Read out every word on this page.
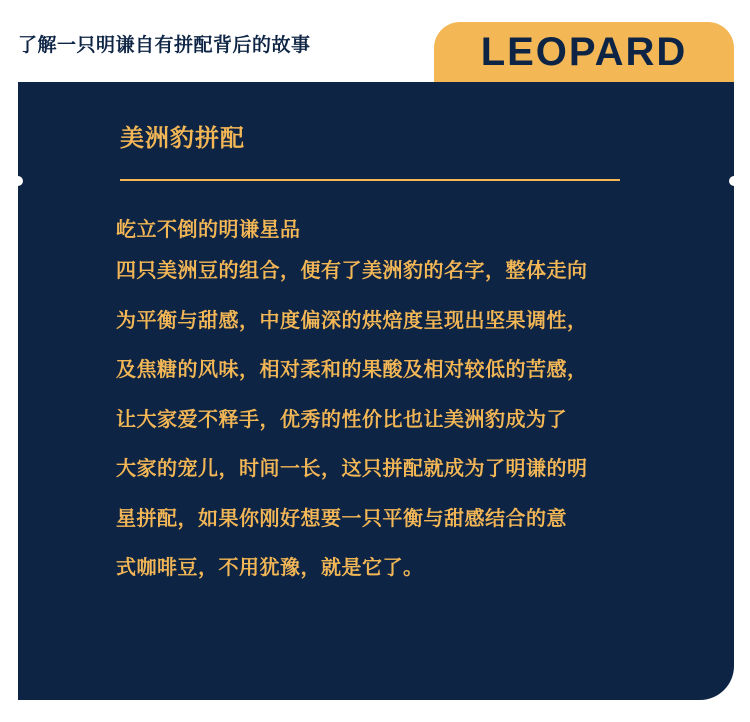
了解一只明谦自有拼配背后的故事	LEOPARD
美洲豹拼配
屹立不倒的明谦星品
四只美洲豆的组合，便有了美洲豹的名字，整体走向
为平衡与甜感，中度偏深的烘焙度呈现出坚果调性，
及焦糖的风味，相对柔和的果酸及相对较低的苦感，
让大家爱不释手，优秀的性价比也让美洲豹成为了
大家的宠儿，时间一长，这只拼配就成为了明谦的明
星拼配，如果你刚好想要一只平衡与甜感结合的意
式咖啡豆，不用犹豫，就是它了。
